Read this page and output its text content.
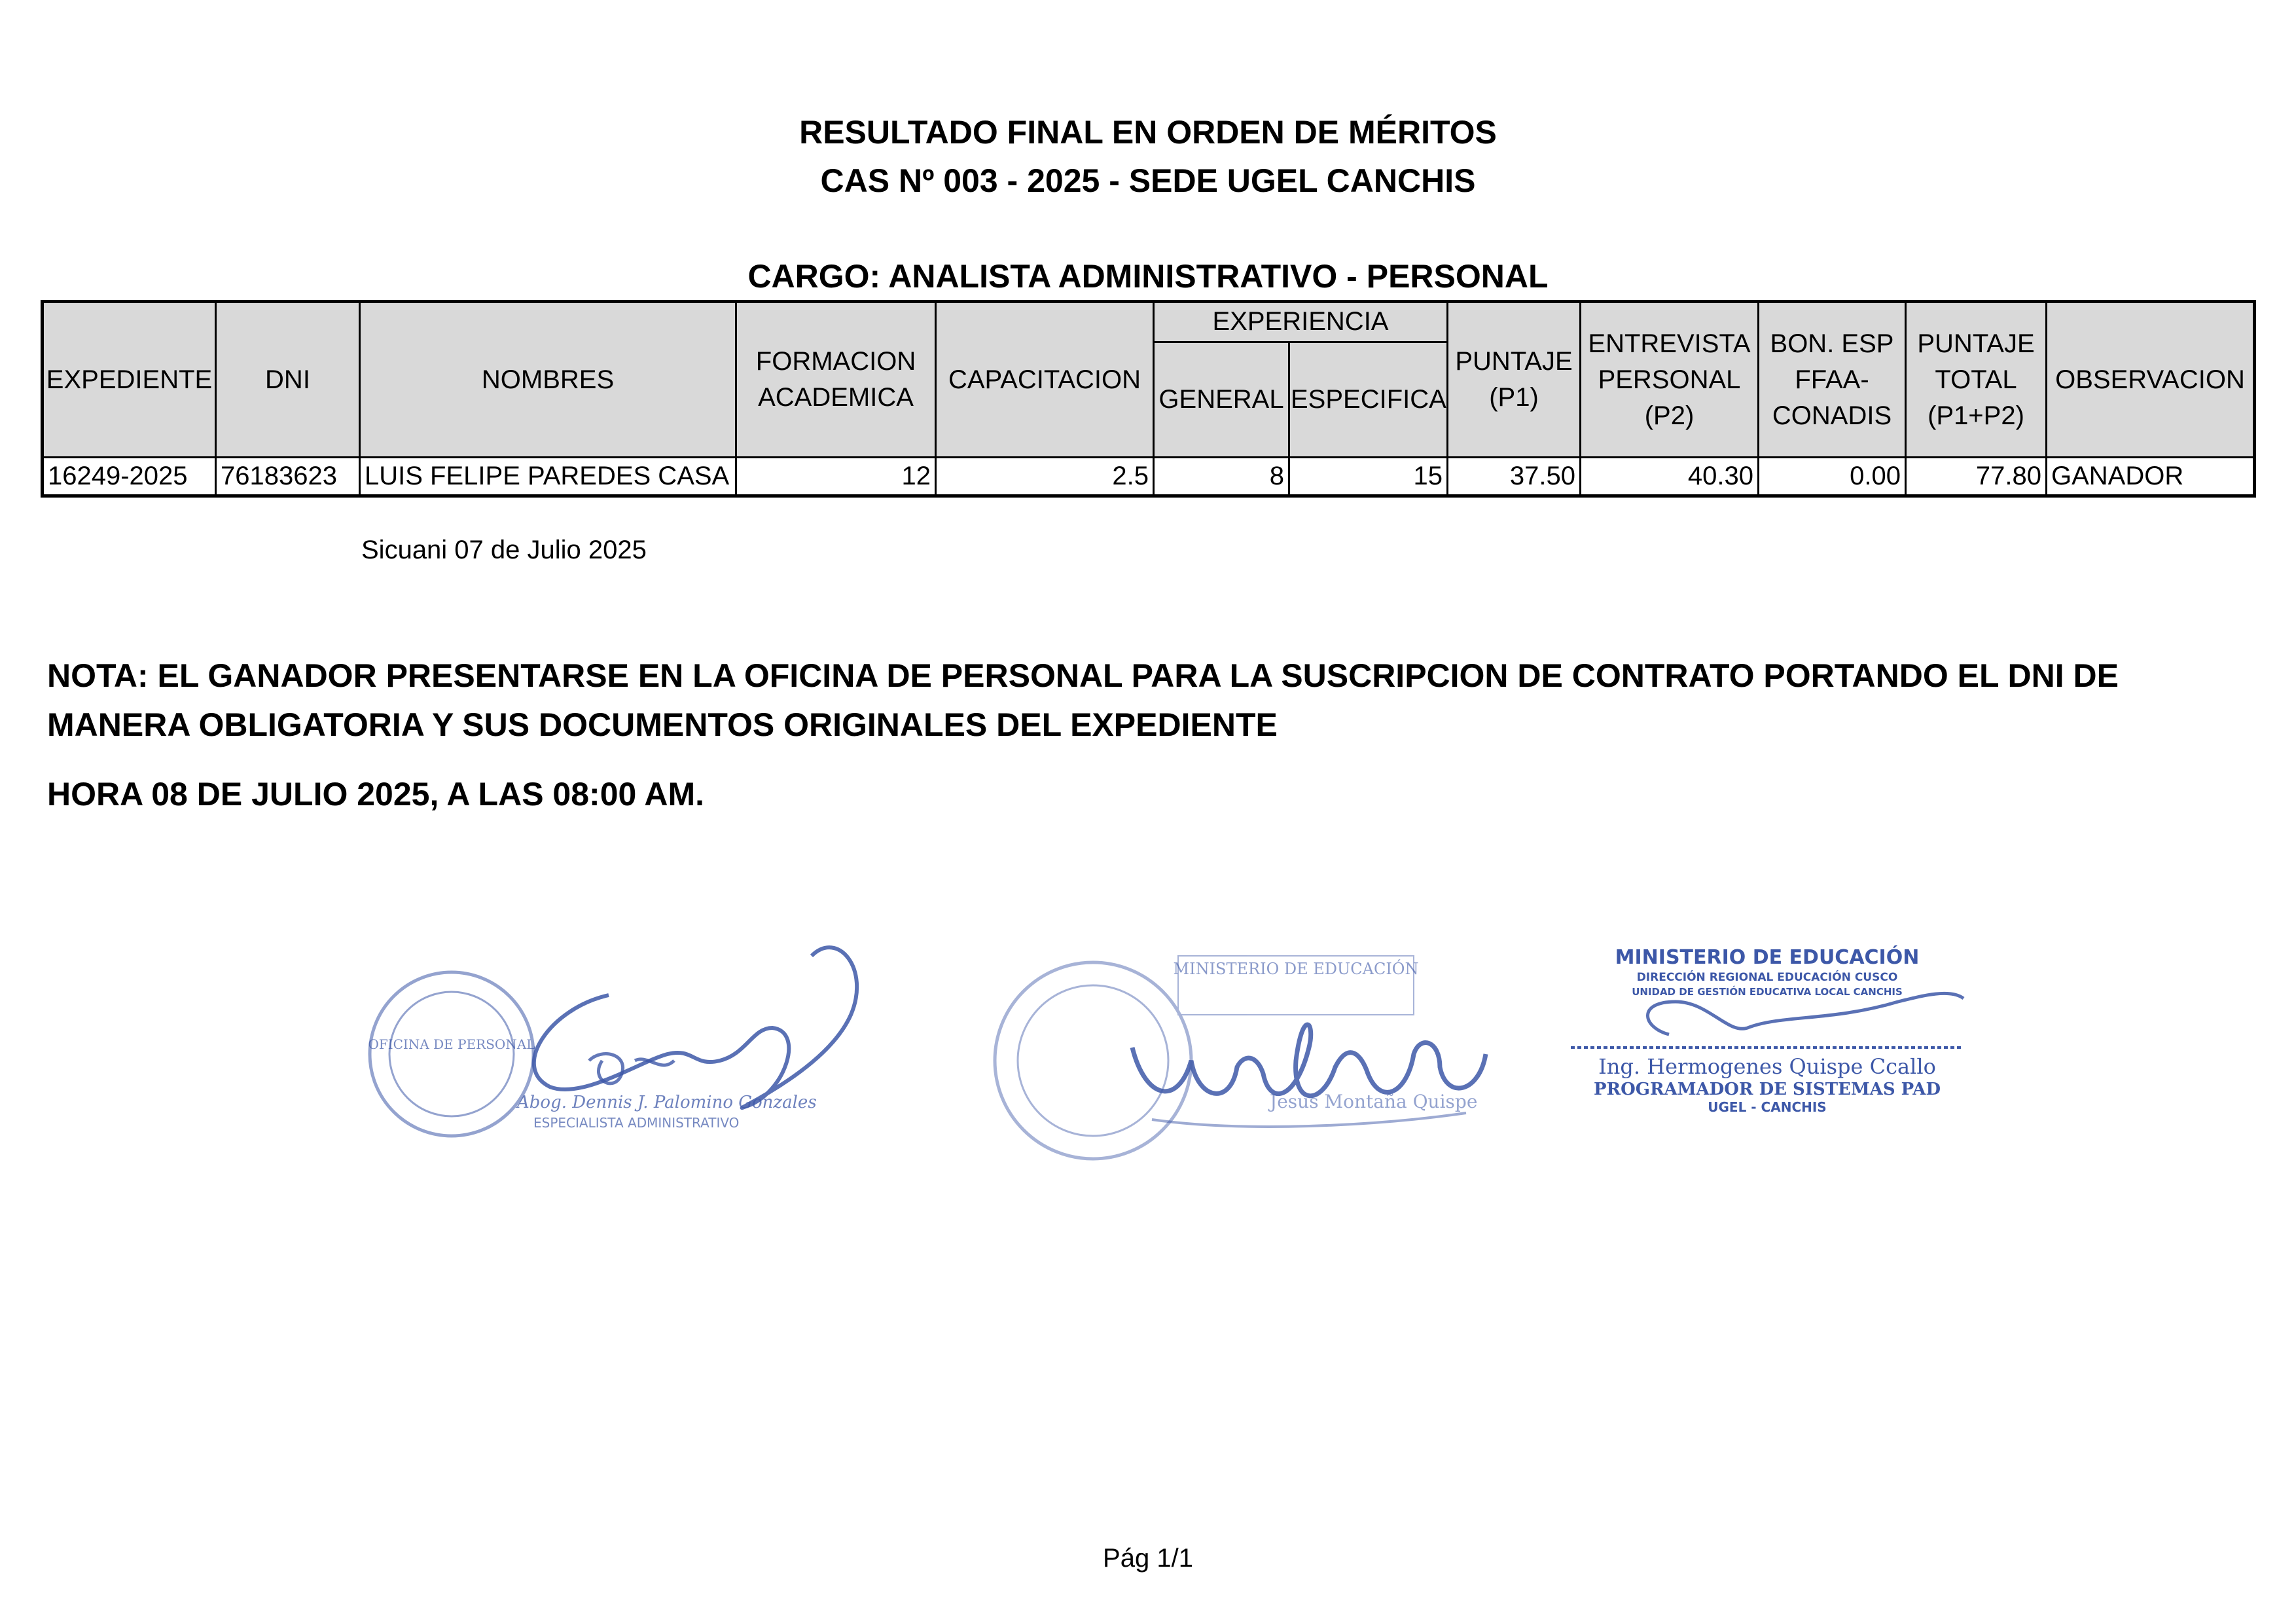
RESULTADO FINAL EN ORDEN DE MÉRITOS
CAS Nº 003 - 2025 - SEDE UGEL CANCHIS
CARGO: ANALISTA ADMINISTRATIVO - PERSONAL
EXPEDIENTE	DNI	NOMBRES	FORMACION ACADEMICA	CAPACITACION	EXPERIENCIA		PUNTAJE (P1)	ENTREVISTA PERSONAL (P2)	BON. ESP FFAA-CONADIS	PUNTAJE TOTAL (P1+P2)	OBSERVACION
					GENERAL	ESPECIFICA					
16249-2025	76183623	LUIS FELIPE PAREDES CASA	12	2.5	8	15	37.50	40.30	0.00	77.80	GANADOR
Sicuani 07 de Julio 2025
NOTA: EL GANADOR PRESENTARSE EN LA OFICINA DE PERSONAL PARA LA SUSCRIPCION DE CONTRATO PORTANDO EL DNI DE MANERA OBLIGATORIA Y SUS DOCUMENTOS ORIGINALES DEL EXPEDIENTE
HORA 08 DE JULIO 2025, A LAS 08:00 AM.
OFICINA DE PERSONAL
Abog. Dennis J. Palomino Gonzales
ESPECIALISTA ADMINISTRATIVO
MINISTERIO DE EDUCACIÓN
Jesus Montaña Quispe
MINISTERIO DE EDUCACIÓN
DIRECCIÓN REGIONAL EDUCACIÓN CUSCO
UNIDAD DE GESTIÓN EDUCATIVA LOCAL CANCHIS
Ing. Hermogenes Quispe Ccallo
PROGRAMADOR DE SISTEMAS PAD
UGEL - CANCHIS
Pág 1/1
